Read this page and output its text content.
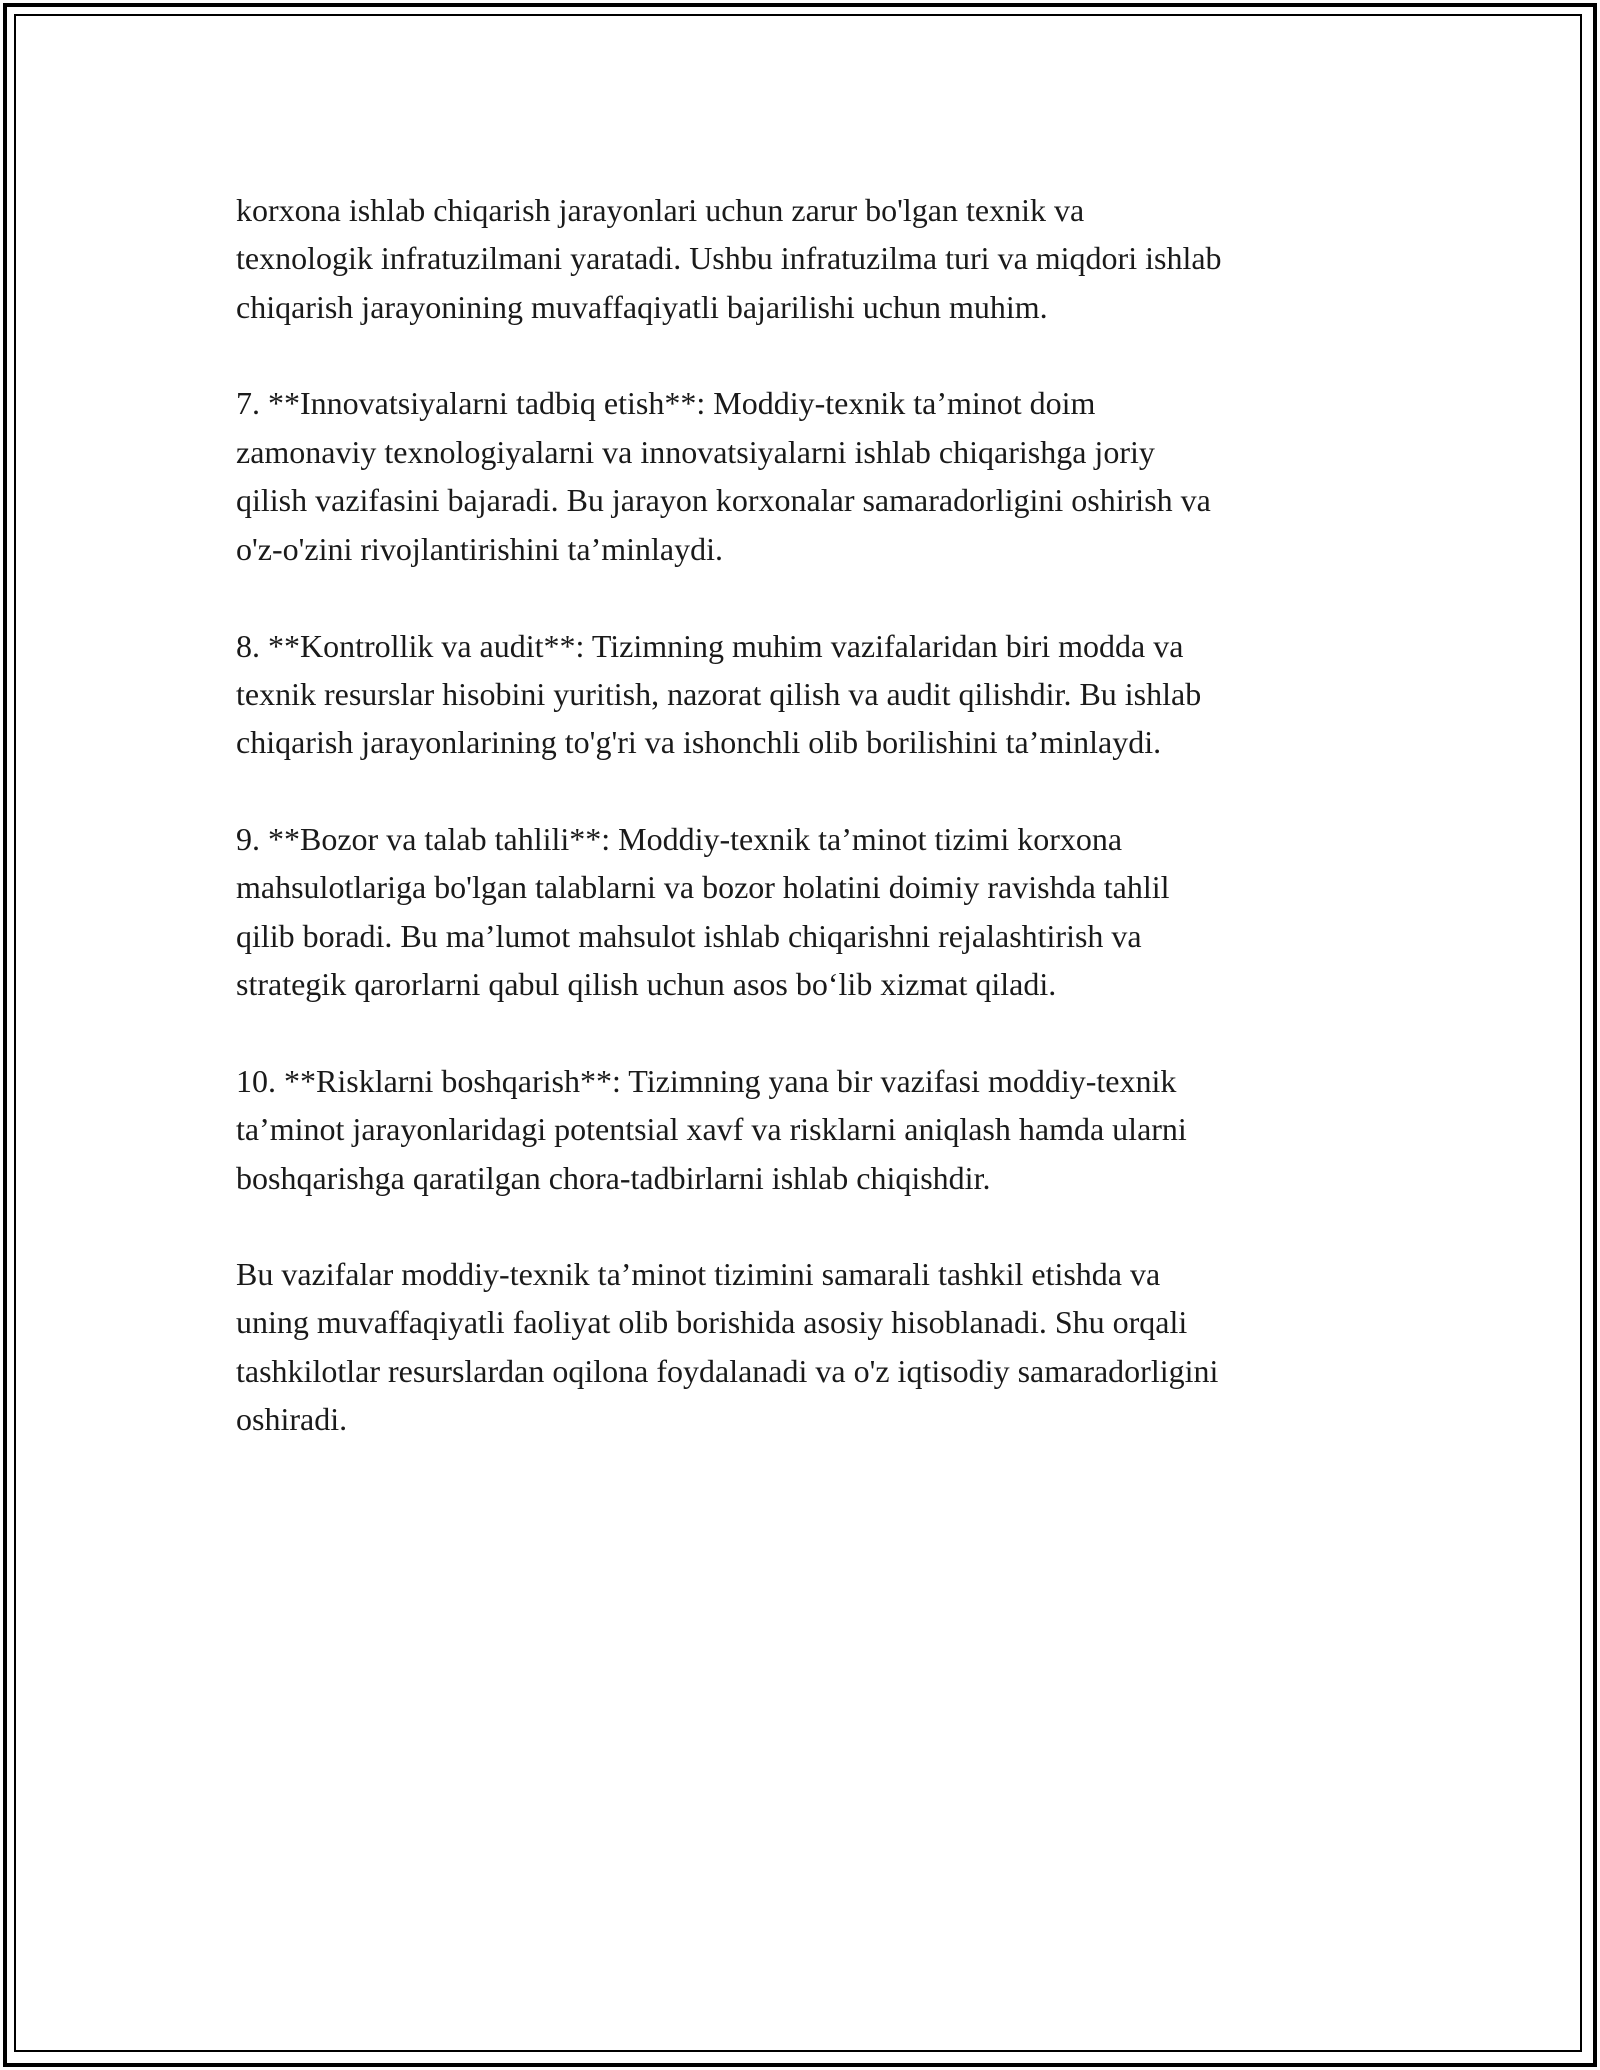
korxona ishlab chiqarish jarayonlari uchun zarur bo'lgan texnik va
texnologik infratuzilmani yaratadi. Ushbu infratuzilma turi va miqdori ishlab
chiqarish jarayonining muvaffaqiyatli bajarilishi uchun muhim.
7. **Innovatsiyalarni tadbiq etish**: Moddiy-texnik ta’minot doim
zamonaviy texnologiyalarni va innovatsiyalarni ishlab chiqarishga joriy
qilish vazifasini bajaradi. Bu jarayon korxonalar samaradorligini oshirish va
o'z-o'zini rivojlantirishini ta’minlaydi.
8. **Kontrollik va audit**: Tizimning muhim vazifalaridan biri modda va
texnik resurslar hisobini yuritish, nazorat qilish va audit qilishdir. Bu ishlab
chiqarish jarayonlarining to'g'ri va ishonchli olib borilishini ta’minlaydi.
9. **Bozor va talab tahlili**: Moddiy-texnik ta’minot tizimi korxona
mahsulotlariga bo'lgan talablarni va bozor holatini doimiy ravishda tahlil
qilib boradi. Bu ma’lumot mahsulot ishlab chiqarishni rejalashtirish va
strategik qarorlarni qabul qilish uchun asos bo‘lib xizmat qiladi.
10. **Risklarni boshqarish**: Tizimning yana bir vazifasi moddiy-texnik
ta’minot jarayonlaridagi potentsial xavf va risklarni aniqlash hamda ularni
boshqarishga qaratilgan chora-tadbirlarni ishlab chiqishdir.
Bu vazifalar moddiy-texnik ta’minot tizimini samarali tashkil etishda va
uning muvaffaqiyatli faoliyat olib borishida asosiy hisoblanadi. Shu orqali
tashkilotlar resurslardan oqilona foydalanadi va o'z iqtisodiy samaradorligini
oshiradi.
